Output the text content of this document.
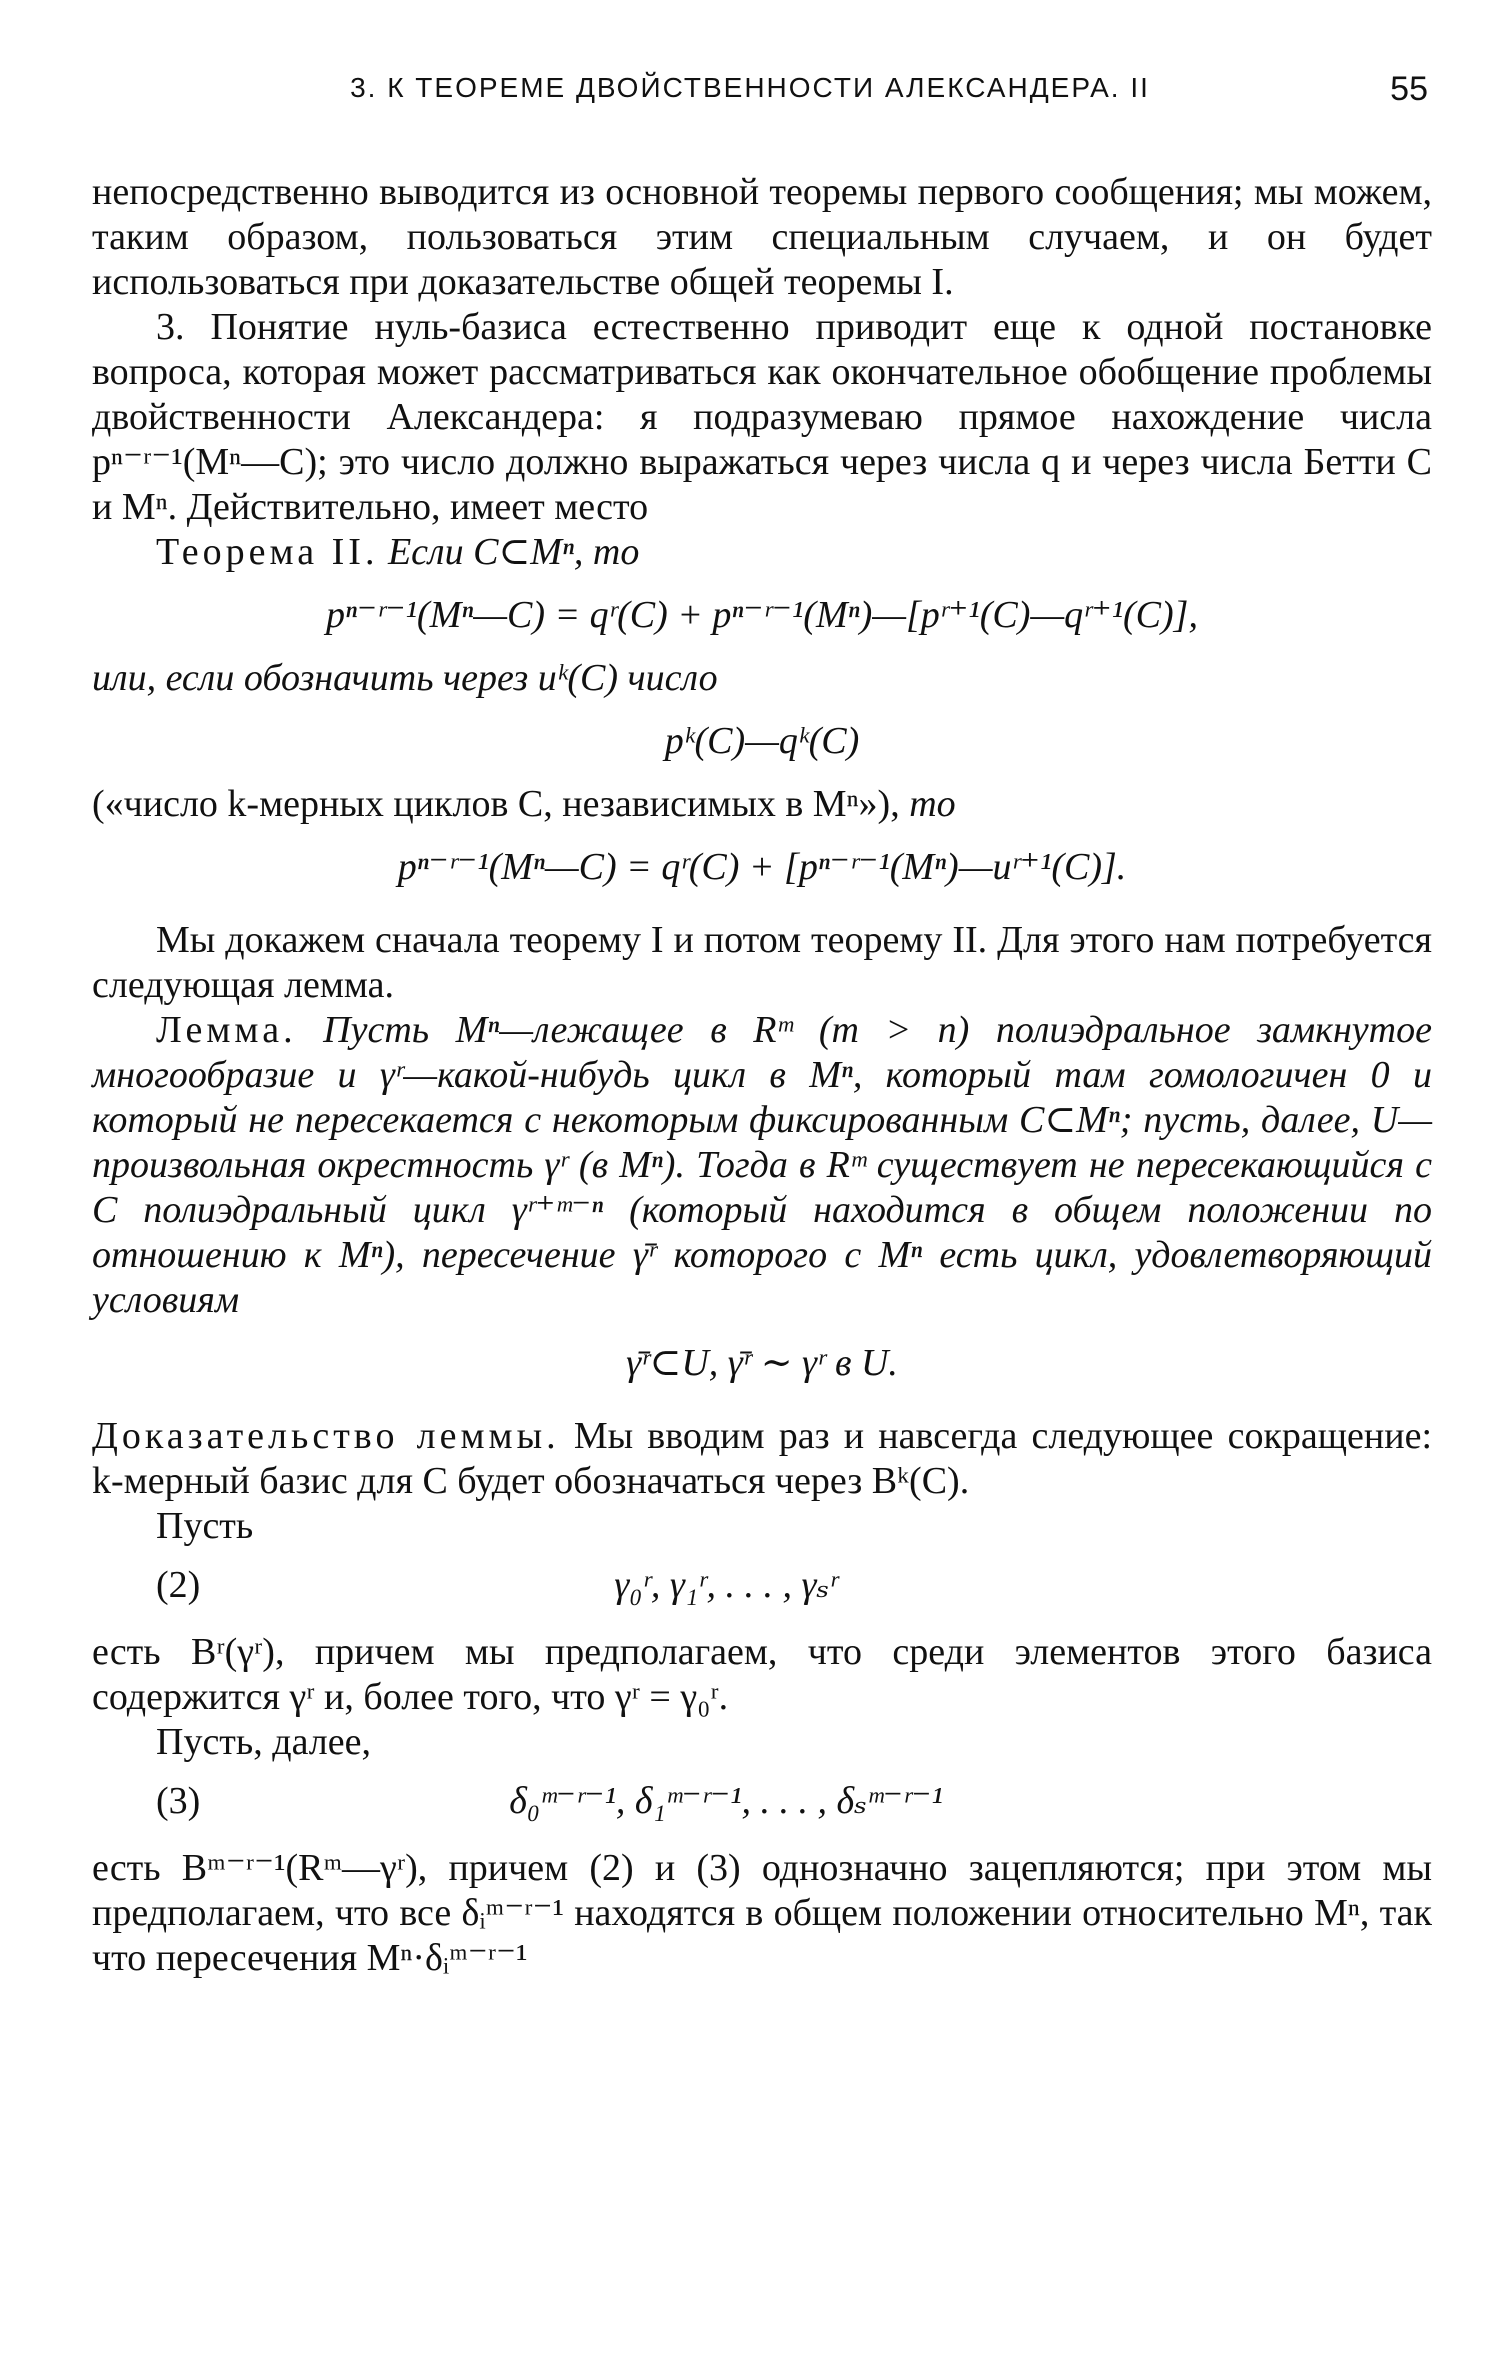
3. К ТЕОРЕМЕ ДВОЙСТВЕННОСТИ АЛЕКСАНДЕРА. II	55

непосредственно выводится из основной теоремы первого сообщения; мы можем, таким образом, пользоваться этим специальным случаем, и он будет использоваться при доказательстве общей теоремы I.

3. Понятие нуль-базиса естественно приводит еще к одной постановке вопроса, которая может рассматриваться как окончательное обобщение проблемы двойственности Александера: я подразумеваю прямое нахождение числа pⁿ⁻ʳ⁻¹(Mⁿ—C); это число должно выражаться через числа q и через числа Бетти C и Mⁿ. Действительно, имеет место

Теорема II. Если C⊂Mⁿ, то

pⁿ⁻ʳ⁻¹(Mⁿ—C) = qʳ(C) + pⁿ⁻ʳ⁻¹(Mⁿ)—[pʳ⁺¹(C)—qʳ⁺¹(C)],

или, если обозначить через uᵏ(C) число

pᵏ(C)—qᵏ(C)

(«число k-мерных циклов C, независимых в Mⁿ»), то

pⁿ⁻ʳ⁻¹(Mⁿ—C) = qʳ(C) + [pⁿ⁻ʳ⁻¹(Mⁿ)—uʳ⁺¹(C)].

Мы докажем сначала теорему I и потом теорему II. Для этого нам потребуется следующая лемма.

Лемма. Пусть Mⁿ—лежащее в Rᵐ (m > n) полиэдральное замкнутое многообразие и γʳ—какой-нибудь цикл в Mⁿ, который там гомологичен 0 и который не пересекается с некоторым фиксированным C⊂Mⁿ; пусть, далее, U—произвольная окрестность γʳ (в Mⁿ). Тогда в Rᵐ существует не пересекающийся с C полиэдральный цикл γʳ⁺ᵐ⁻ⁿ (который находится в общем положении по отношению к Mⁿ), пересечение γ̄ʳ которого с Mⁿ есть цикл, удовлетворяющий условиям

γ̄ʳ⊂U, γ̄ʳ ∼ γʳ в U.

Доказательство леммы. Мы вводим раз и навсегда следующее сокращение: k-мерный базис для C будет обозначаться через Bᵏ(C).

Пусть

(2)	γ₀ʳ, γ₁ʳ, . . . , γₛʳ

есть Bʳ(γʳ), причем мы предполагаем, что среди элементов этого базиса содержится γʳ и, более того, что γʳ = γ₀ʳ.

Пусть, далее,

(3)	δ₀ᵐ⁻ʳ⁻¹, δ₁ᵐ⁻ʳ⁻¹, . . . , δₛᵐ⁻ʳ⁻¹

есть Bᵐ⁻ʳ⁻¹(Rᵐ—γʳ), причем (2) и (3) однозначно зацепляются; при этом мы предполагаем, что все δᵢᵐ⁻ʳ⁻¹ находятся в общем положении относительно Mⁿ, так что пересечения Mⁿ·δᵢᵐ⁻ʳ⁻¹
